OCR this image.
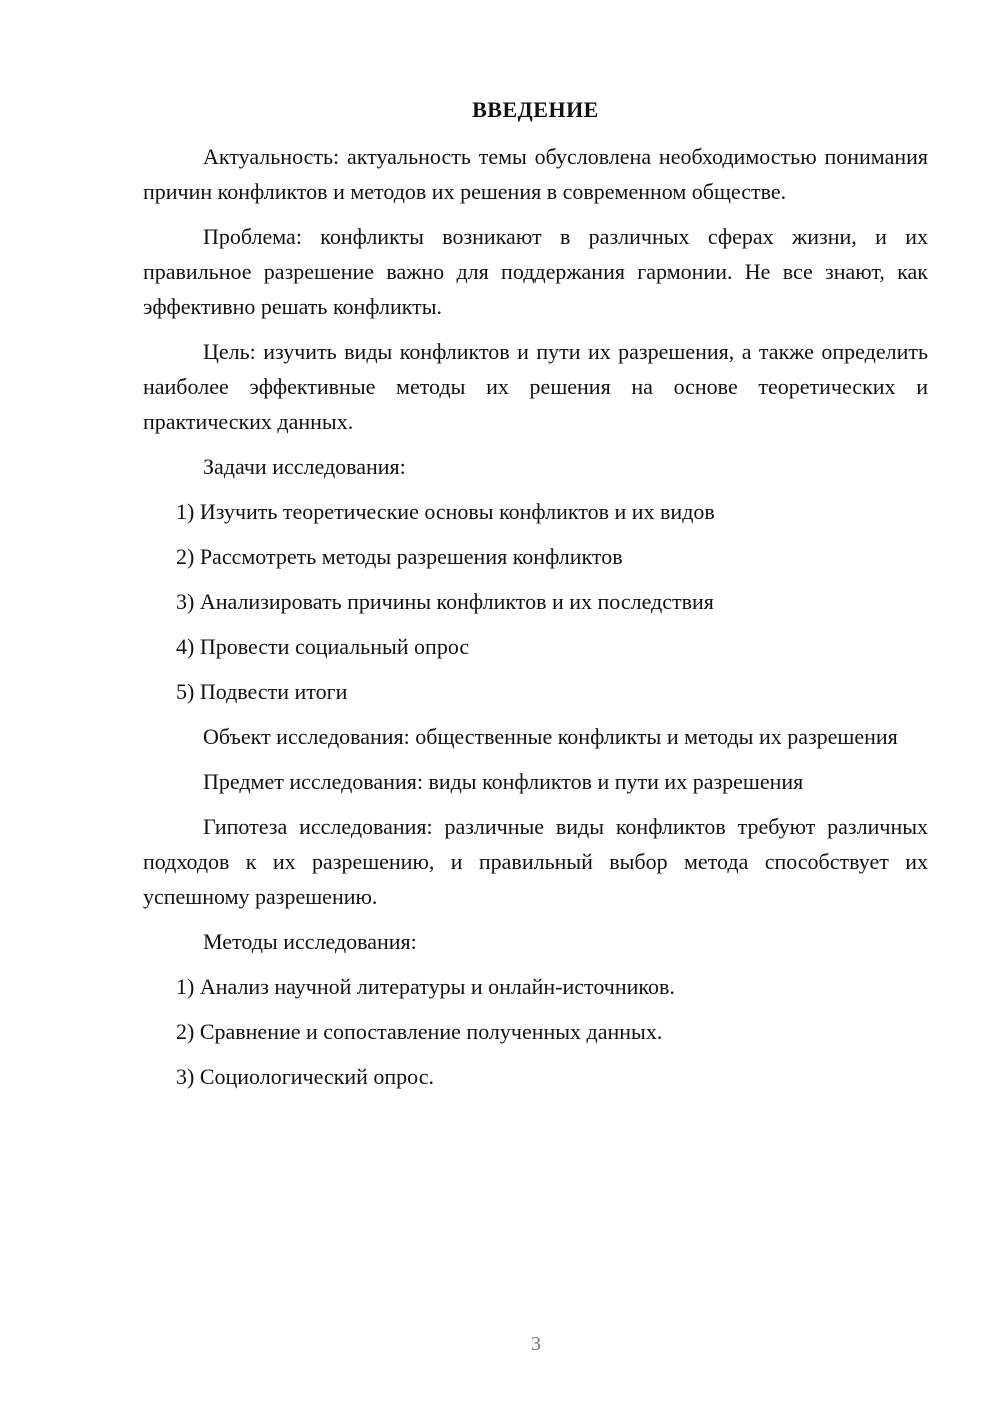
ВВЕДЕНИЕ

Актуальность: актуальность темы обусловлена необходимостью понимания причин конфликтов и методов их решения в современном обществе.

Проблема: конфликты возникают в различных сферах жизни, и их правильное разрешение важно для поддержания гармонии. Не все знают, как эффективно решать конфликты.

Цель: изучить виды конфликтов и пути их разрешения, а также определить наиболее эффективные методы их решения на основе теоретических и практических данных.

Задачи исследования:

1) Изучить теоретические основы конфликтов и их видов
2) Рассмотреть методы разрешения конфликтов
3) Анализировать причины конфликтов и их последствия
4) Провести социальный опрос
5) Подвести итоги

Объект исследования: общественные конфликты и методы их разрешения

Предмет исследования: виды конфликтов и пути их разрешения

Гипотеза исследования: различные виды конфликтов требуют различных подходов к их разрешению, и правильный выбор метода способствует их успешному разрешению.

Методы исследования:

1) Анализ научной литературы и онлайн-источников.
2) Сравнение и сопоставление полученных данных.
3) Социологический опрос.
3
